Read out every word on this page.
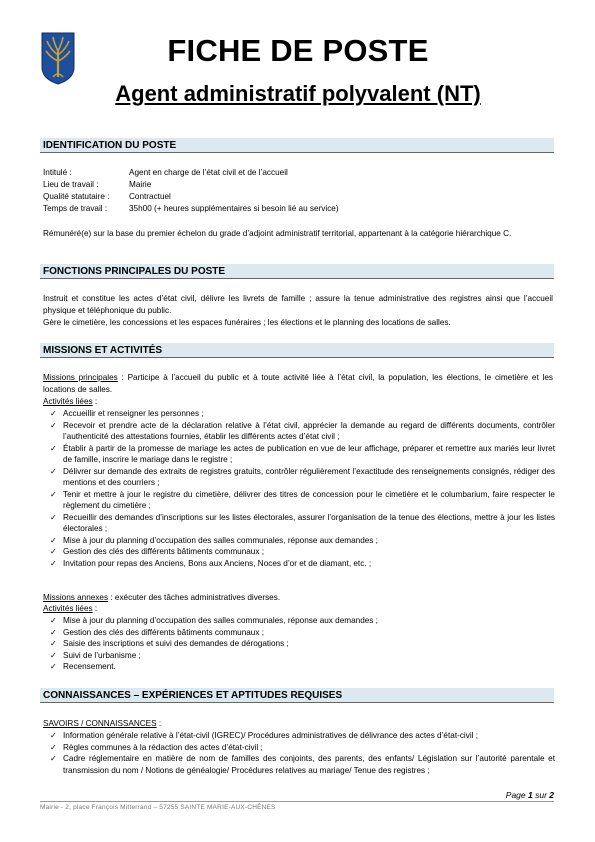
FICHE DE POSTE
Agent administratif polyvalent (NT)
IDENTIFICATION DU POSTE
Intitulé :	Agent en charge de l’état civil et de l’accueil
Lieu de travail :	Mairie
Qualité statutaire : Contractuel
Temps de travail :	35h00 (+ heures supplémentaires si besoin lié au service)
Rémunéré(e) sur la base du premier échelon du grade d’adjoint administratif territorial, appartenant à la catégorie hiérarchique C.
FONCTIONS PRINCIPALES DU POSTE
Instruit et constitue les actes d’état civil, délivre les livrets de famille ; assure la tenue administrative des registres ainsi que l’accueil physique et téléphonique du public.
Gère le cimetière, les concessions et les espaces funéraires ; les élections et le planning des locations de salles.
MISSIONS ET ACTIVITÉS
Missions principales : Participe à l’accueil du public et à toute activité liée à l’état civil, la population, les élections, le cimetière et les locations de salles.
Activités liées :
✓ Accueillir et renseigner les personnes ;
✓ Recevoir et prendre acte de la déclaration relative à l’état civil, apprécier la demande au regard de différents documents, contrôler l’authenticité des attestations fournies, établir les différents actes d’état civil ;
✓ Établir à partir de la promesse de mariage les actes de publication en vue de leur affichage, préparer et remettre aux mariés leur livret de famille, inscrire le mariage dans le registre ;
✓ Délivrer sur demande des extraits de registres gratuits, contrôler régulièrement l’exactitude des renseignements consignés, rédiger des mentions et des courriers ;
✓ Tenir et mettre à jour le registre du cimetière, délivrer des titres de concession pour le cimetière et le columbarium, faire respecter le règlement du cimetière ;
✓ Recueillir des demandes d’inscriptions sur les listes électorales, assurer l’organisation de la tenue des élections, mettre à jour les listes électorales ;
✓ Mise à jour du planning d’occupation des salles communales, réponse aux demandes ;
✓ Gestion des clés des différents bâtiments communaux ;
✓ Invitation pour repas des Anciens, Bons aux Anciens, Noces d’or et de diamant, etc. ;
Missions annexes : exécuter des tâches administratives diverses.
Activités liées :
✓ Mise à jour du planning d’occupation des salles communales, réponse aux demandes ;
✓ Gestion des clés des différents bâtiments communaux ;
✓ Saisie des inscriptions et suivi des demandes de dérogations ;
✓ Suivi de l’urbanisme ;
✓ Recensement.
CONNAISSANCES – EXPÉRIENCES ET APTITUDES REQUISES
SAVOIRS / CONNAISSANCES :
✓ Information générale relative à l’état-civil (IGREC)/ Procédures administratives de délivrance des actes d’état-civil ;
✓ Règles communes à la rédaction des actes d’état-civil ;
✓ Cadre réglementaire en matière de nom de familles des conjoints, des parents, des enfants/ Législation sur l’autorité parentale et transmission du nom / Notions de généalogie/ Procédures relatives au mariage/ Tenue des registres ;
Page 1 sur 2
Mairie - 2, place François Mitterrand – 57255 SAINTE MARIE-AUX-CHÊNES
